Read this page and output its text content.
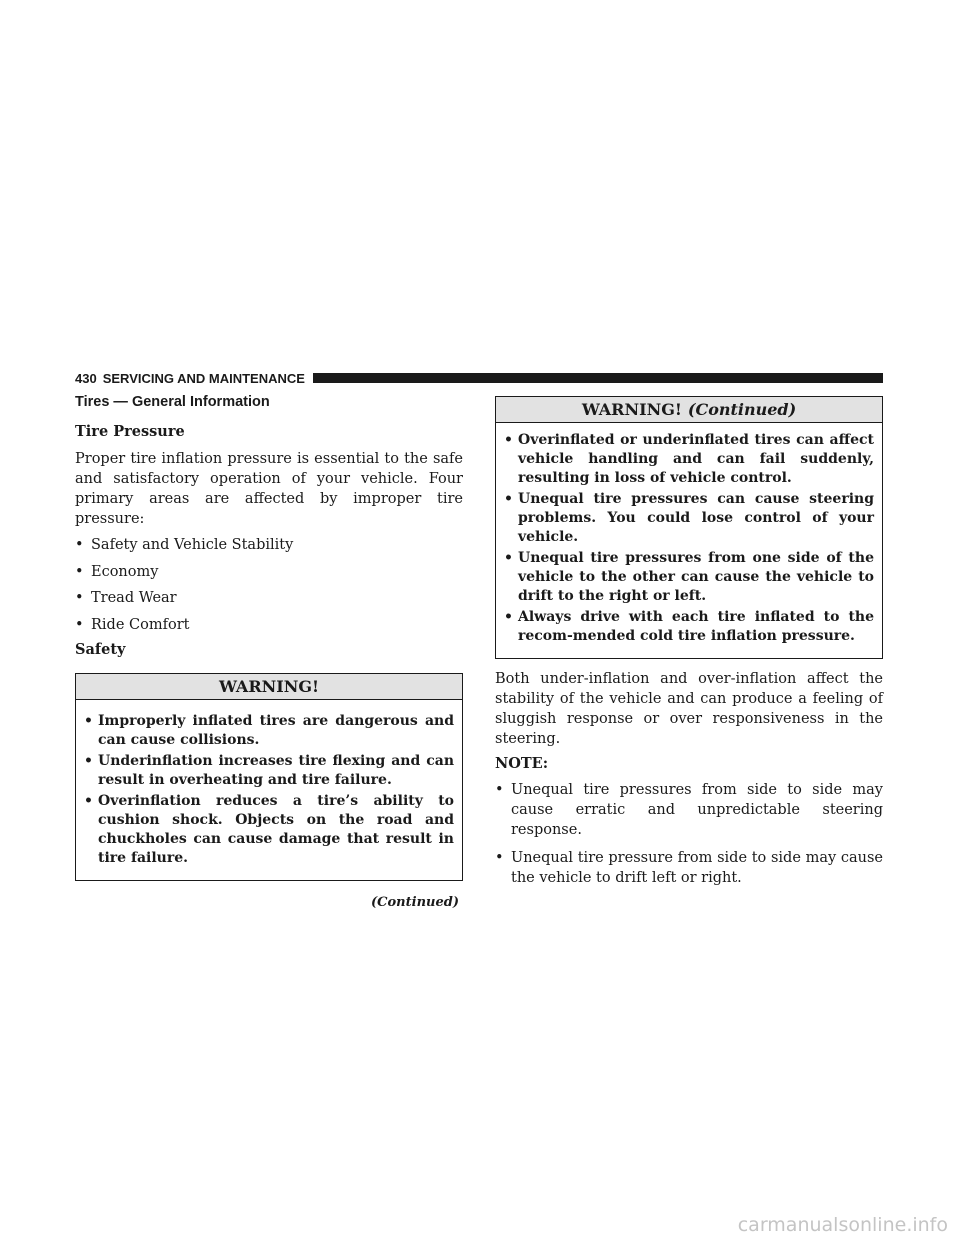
430 SERVICING AND MAINTENANCE
Tires — General Information
Tire Pressure

Proper tire inflation pressure is essential to the safe and satisfactory operation of your vehicle. Four primary areas are affected by improper tire pressure:

• Safety and Vehicle Stability
• Economy
• Tread Wear
• Ride Comfort
Safety
WARNING!
• Improperly inflated tires are dangerous and can cause collisions.
• Underinflation increases tire flexing and can result in overheating and tire failure.
• Overinflation reduces a tire’s ability to cushion shock. Objects on the road and chuckholes can cause damage that result in tire failure.
(Continued)
WARNING! (Continued)
• Overinflated or underinflated tires can affect vehicle handling and can fail suddenly, resulting in loss of vehicle control.
• Unequal tire pressures can cause steering problems. You could lose control of your vehicle.
• Unequal tire pressures from one side of the vehicle to the other can cause the vehicle to drift to the right or left.
• Always drive with each tire inflated to the recom-mended cold tire inflation pressure.

Both under-inflation and over-inflation affect the stability of the vehicle and can produce a feeling of sluggish response or over responsiveness in the steering.

NOTE:
• Unequal tire pressures from side to side may cause erratic and unpredictable steering response.
• Unequal tire pressure from side to side may cause the vehicle to drift left or right.
carmanualsonline.info
